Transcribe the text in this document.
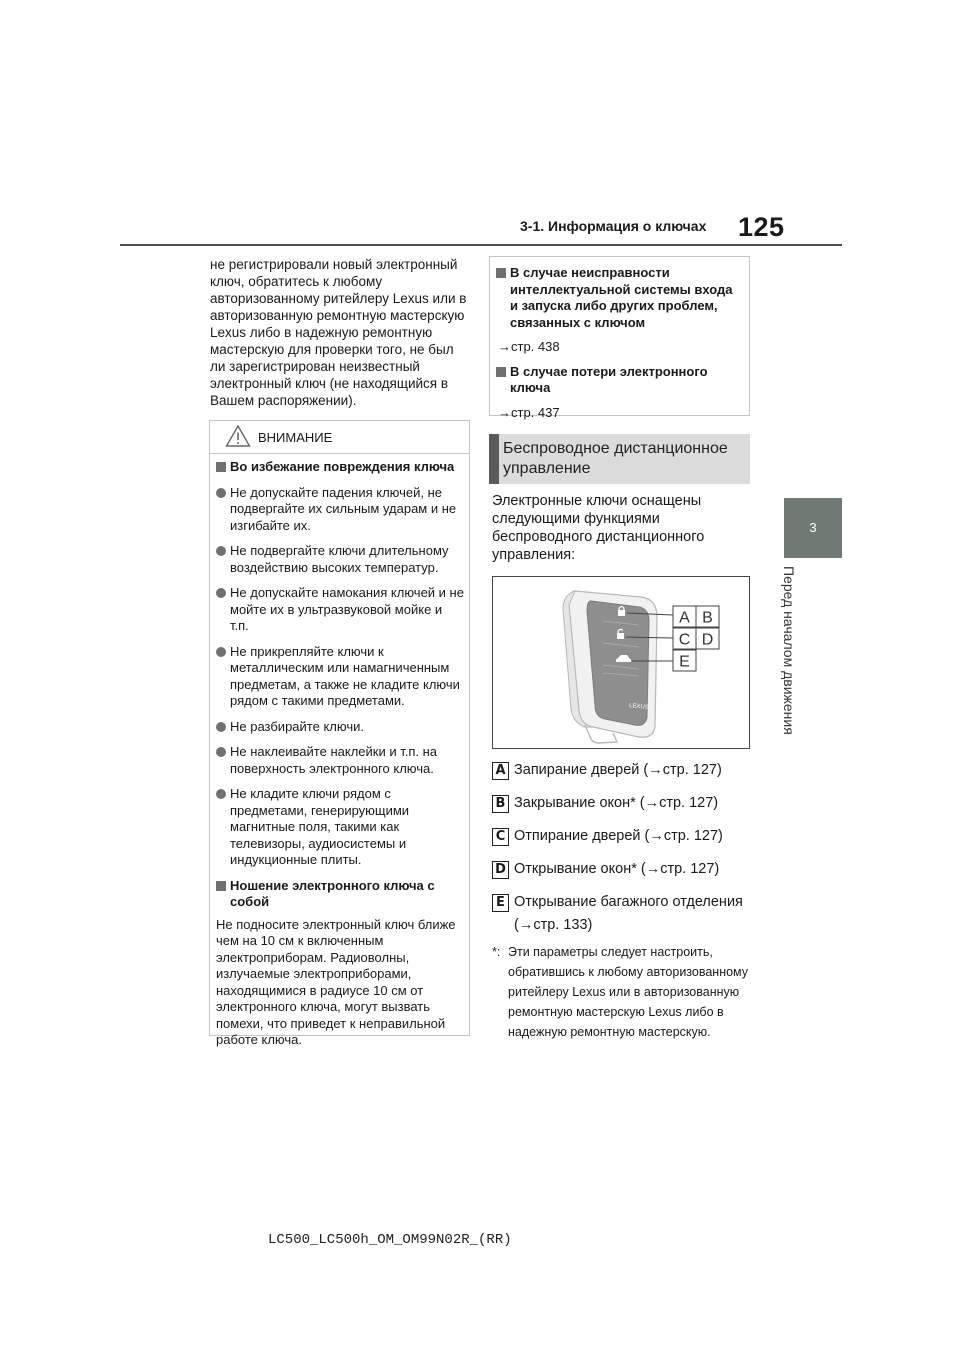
3-1. Информация о ключах 125
3
Перед началом движения
не регистрировали новый электронный ключ, обратитесь к любому авторизованному ритейлеру Lexus или в авторизованную ремонтную мастерскую Lexus либо в надежную ремонтную мастерскую для проверки того, не был ли зарегистрирован неизвестный электронный ключ (не находящийся в Вашем распоряжении).
ВНИМАНИЕ
Во избежание повреждения ключа
Не допускайте падения ключей, не подвергайте их сильным ударам и не изгибайте их.
Не подвергайте ключи длительному воздействию высоких температур.
Не допускайте намокания ключей и не мойте их в ультразвуковой мойке и т.п.
Не прикрепляйте ключи к металлическим или намагниченным предметам, а также не кладите ключи рядом с такими предметами.
Не разбирайте ключи.
Не наклеивайте наклейки и т.п. на поверхность электронного ключа.
Не кладите ключи рядом с предметами, генерирующими магнитные поля, такими как телевизоры, аудиосистемы и индукционные плиты.
Ношение электронного ключа с собой
Не подносите электронный ключ ближе чем на 10 см к включенным электроприборам. Радиоволны, излучаемые электроприборами, находящимися в радиусе 10 см от электронного ключа, могут вызвать помехи, что приведет к неправильной работе ключа.
В случае неисправности интеллектуальной системы входа и запуска либо других проблем, связанных с ключом
→стр. 438
В случае потери электронного ключа
→стр. 437
Беспроводное дистанционное управление
Электронные ключи оснащены следующими функциями беспроводного дистанционного управления:
LEXUS
A B
C D
E
A Запирание дверей (→стр. 127)
B Закрывание окон* (→стр. 127)
C Отпирание дверей (→стр. 127)
D Открывание окон* (→стр. 127)
E Открывание багажного отделения
(→стр. 133)
*: Эти параметры следует настроить, обратившись к любому авторизованному ритейлеру Lexus или в авторизованную ремонтную мастерскую Lexus либо в надежную ремонтную мастерскую.
LC500_LC500h_OM_OM99N02R_(RR)
